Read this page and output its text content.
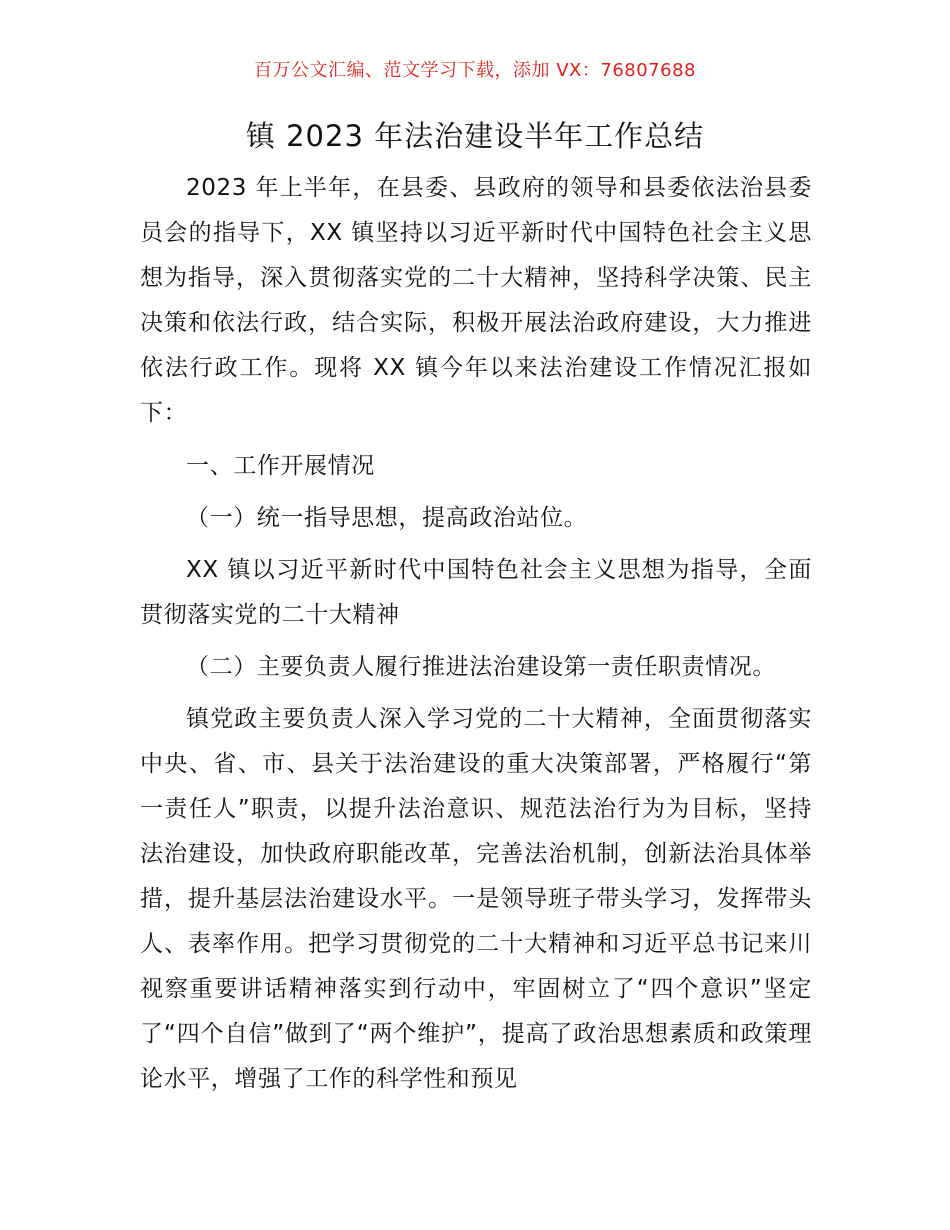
百万公文汇编、范文学习下载，添加 VX：76807688
镇 2023 年法治建设半年工作总结

2023 年上半年，在县委、县政府的领导和县委依法治县委员会的指导下，XX 镇坚持以习近平新时代中国特色社会主义思想为指导，深入贯彻落实党的二十大精神，坚持科学决策、民主决策和依法行政，结合实际，积极开展法治政府建设，大力推进依法行政工作。现将 XX 镇今年以来法治建设工作情况汇报如下：

一、工作开展情况

（一）统一指导思想，提高政治站位。

XX 镇以习近平新时代中国特色社会主义思想为指导，全面贯彻落实党的二十大精神

（二）主要负责人履行推进法治建设第一责任职责情况。

镇党政主要负责人深入学习党的二十大精神，全面贯彻落实中央、省、市、县关于法治建设的重大决策部署，严格履行“第一责任人”职责，以提升法治意识、规范法治行为为目标，坚持法治建设，加快政府职能改革，完善法治机制，创新法治具体举措，提升基层法治建设水平。一是领导班子带头学习，发挥带头人、表率作用。把学习贯彻党的二十大精神和习近平总书记来川视察重要讲话精神落实到行动中，牢固树立了“四个意识”坚定了“四个自信”做到了“两个维护”，提高了政治思想素质和政策理论水平，增强了工作的科学性和预见
